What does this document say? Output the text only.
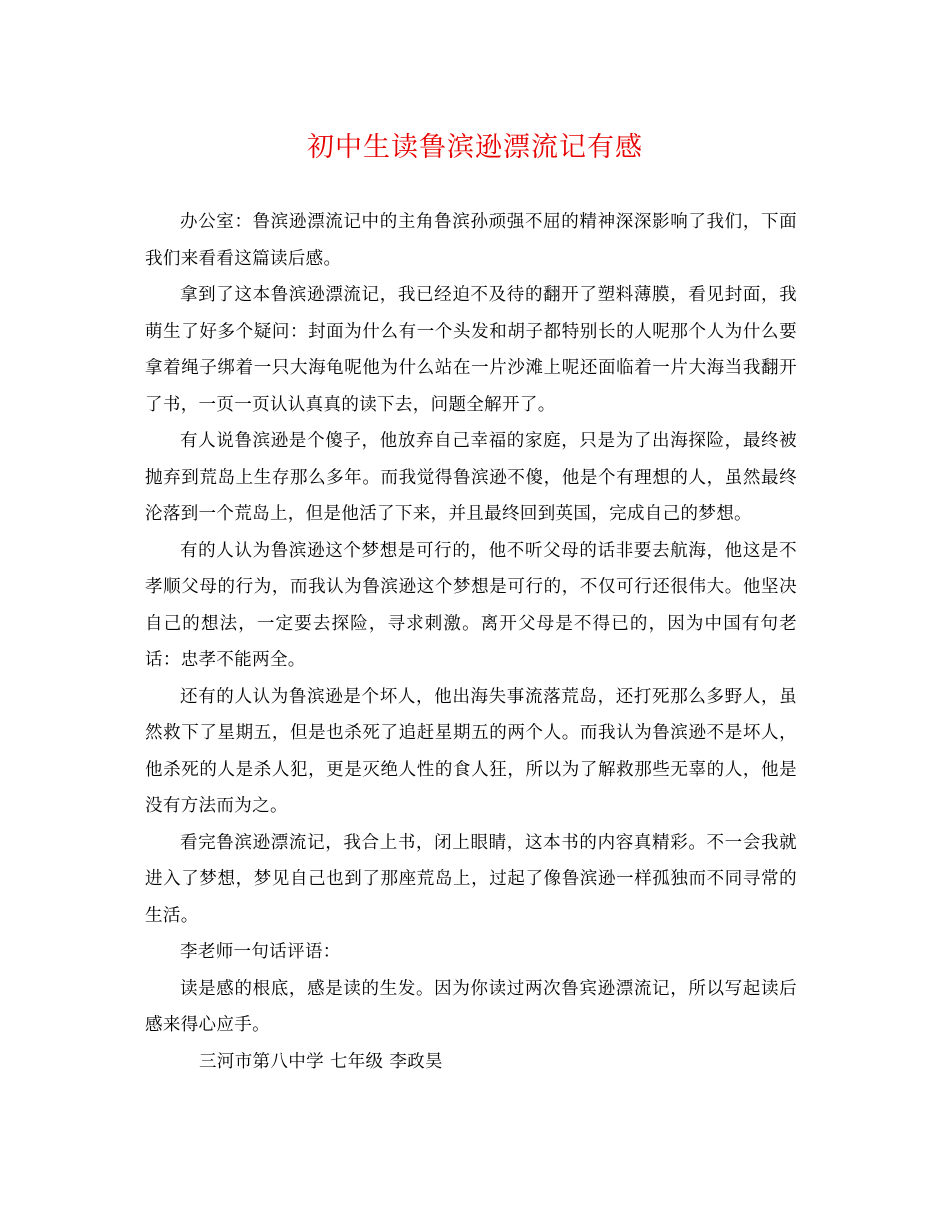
初中生读鲁滨逊漂流记有感

办公室：鲁滨逊漂流记中的主角鲁滨孙顽强不屈的精神深深影响了我们，下面我们来看看这篇读后感。

拿到了这本鲁滨逊漂流记，我已经迫不及待的翻开了塑料薄膜，看见封面，我萌生了好多个疑问：封面为什么有一个头发和胡子都特别长的人呢那个人为什么要拿着绳子绑着一只大海龟呢他为什么站在一片沙滩上呢还面临着一片大海当我翻开了书，一页一页认认真真的读下去，问题全解开了。

有人说鲁滨逊是个傻子，他放弃自己幸福的家庭，只是为了出海探险，最终被抛弃到荒岛上生存那么多年。而我觉得鲁滨逊不傻，他是个有理想的人，虽然最终沦落到一个荒岛上，但是他活了下来，并且最终回到英国，完成自己的梦想。

有的人认为鲁滨逊这个梦想是可行的，他不听父母的话非要去航海，他这是不孝顺父母的行为，而我认为鲁滨逊这个梦想是可行的，不仅可行还很伟大。他坚决自己的想法，一定要去探险，寻求刺激。离开父母是不得已的，因为中国有句老话：忠孝不能两全。

还有的人认为鲁滨逊是个坏人，他出海失事流落荒岛，还打死那么多野人，虽然救下了星期五，但是也杀死了追赶星期五的两个人。而我认为鲁滨逊不是坏人，他杀死的人是杀人犯，更是灭绝人性的食人狂，所以为了解救那些无辜的人，他是没有方法而为之。

看完鲁滨逊漂流记，我合上书，闭上眼睛，这本书的内容真精彩。不一会我就进入了梦想，梦见自己也到了那座荒岛上，过起了像鲁滨逊一样孤独而不同寻常的生活。

李老师一句话评语：

读是感的根底，感是读的生发。因为你读过两次鲁宾逊漂流记，所以写起读后感来得心应手。

三河市第八中学 七年级 李政昊
